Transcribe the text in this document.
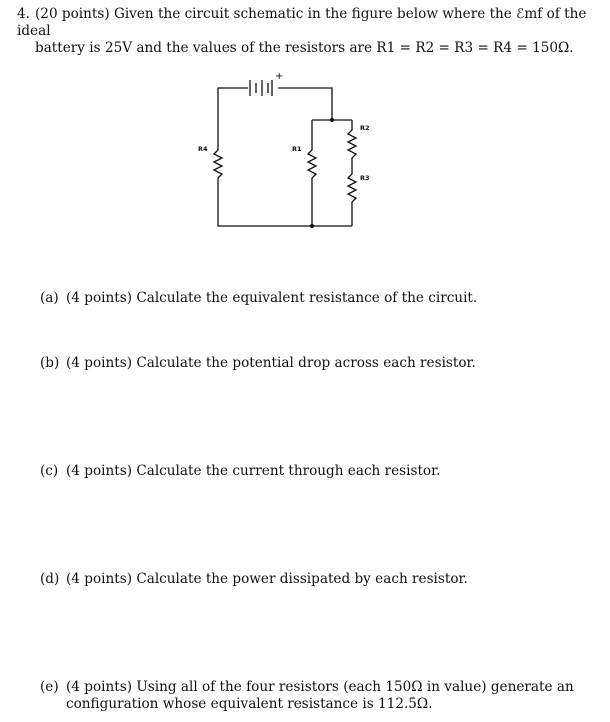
4. (20 points) Given the circuit schematic in the figure below where the ℰmf of the ideal
battery is 25V and the values of the resistors are R1 = R2 = R3 = R4 = 150Ω.
+
R4	R1
R2
R3
(a) (4 points) Calculate the equivalent resistance of the circuit.
(b) (4 points) Calculate the potential drop across each resistor.
(c) (4 points) Calculate the current through each resistor.
(d) (4 points) Calculate the power dissipated by each resistor.
(e) (4 points) Using all of the four resistors (each 150Ω in value) generate an
configuration whose equivalent resistance is 112.5Ω.
